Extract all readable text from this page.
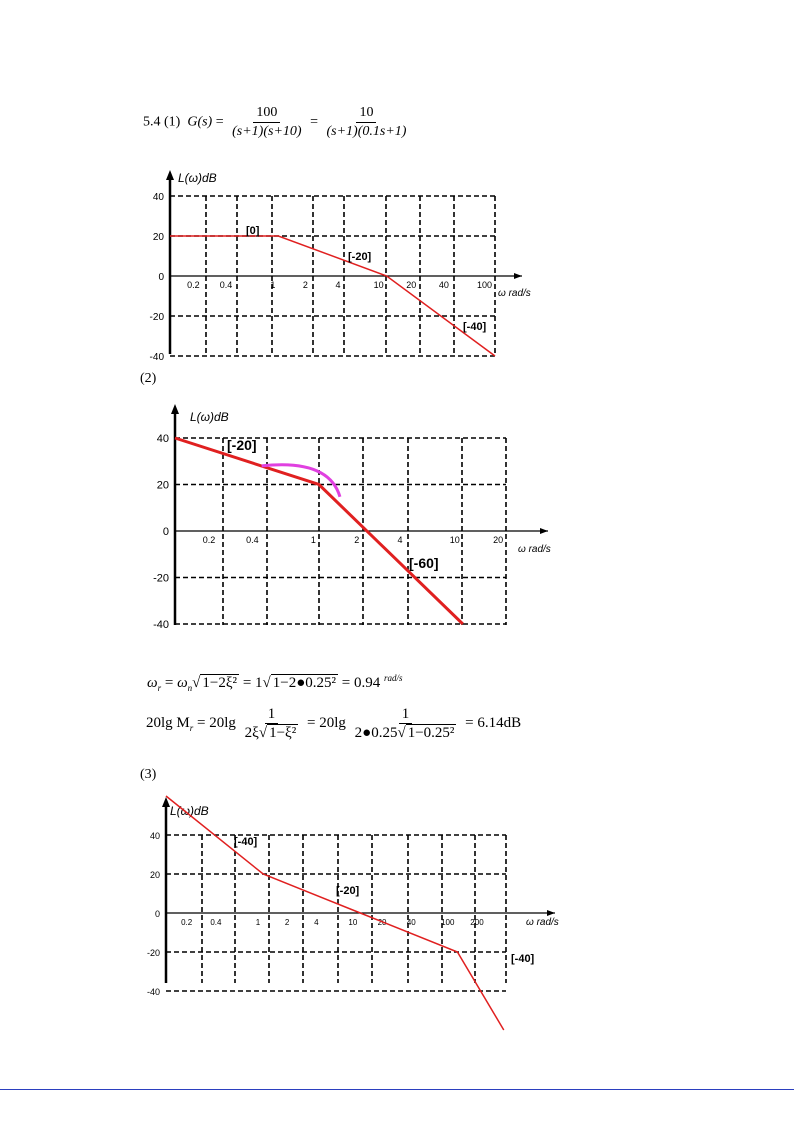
5.4 (1) $G(s) = \frac{100}{(s+1)(s+10)} = \frac{10}{(s+1)(0.1s+1)}$
40
20
0
-20
-40
0.2 0.4	1	2	4	10	20	40	100
L(ω)dB
ω rad/s
[0]
[-20]
[-40]
(2)
40
20
0
-20
-40
0.2	0.4	1	2	4	10	20
L(ω)dB
ω rad/s
[-20]
[-60]
$\omega_r = \omega_n√$ 1−2ξ² = 1√ 1−2●0.25² = 0.94 $^{rad/s}$
20lg $M_r = 20\lg \frac{1}{\text{2ξ√ 1−ξ²}} = 20\lg \frac{1}{\text{2●0.25√ 1−0.25²}} = 6.14dB$
(3)
40
20
0
-20
-40
0.2 0.4	1	2	4	10	20	40	100 200
L(ω)dB
ω rad/s
[-40]
[-20]
[-40]
